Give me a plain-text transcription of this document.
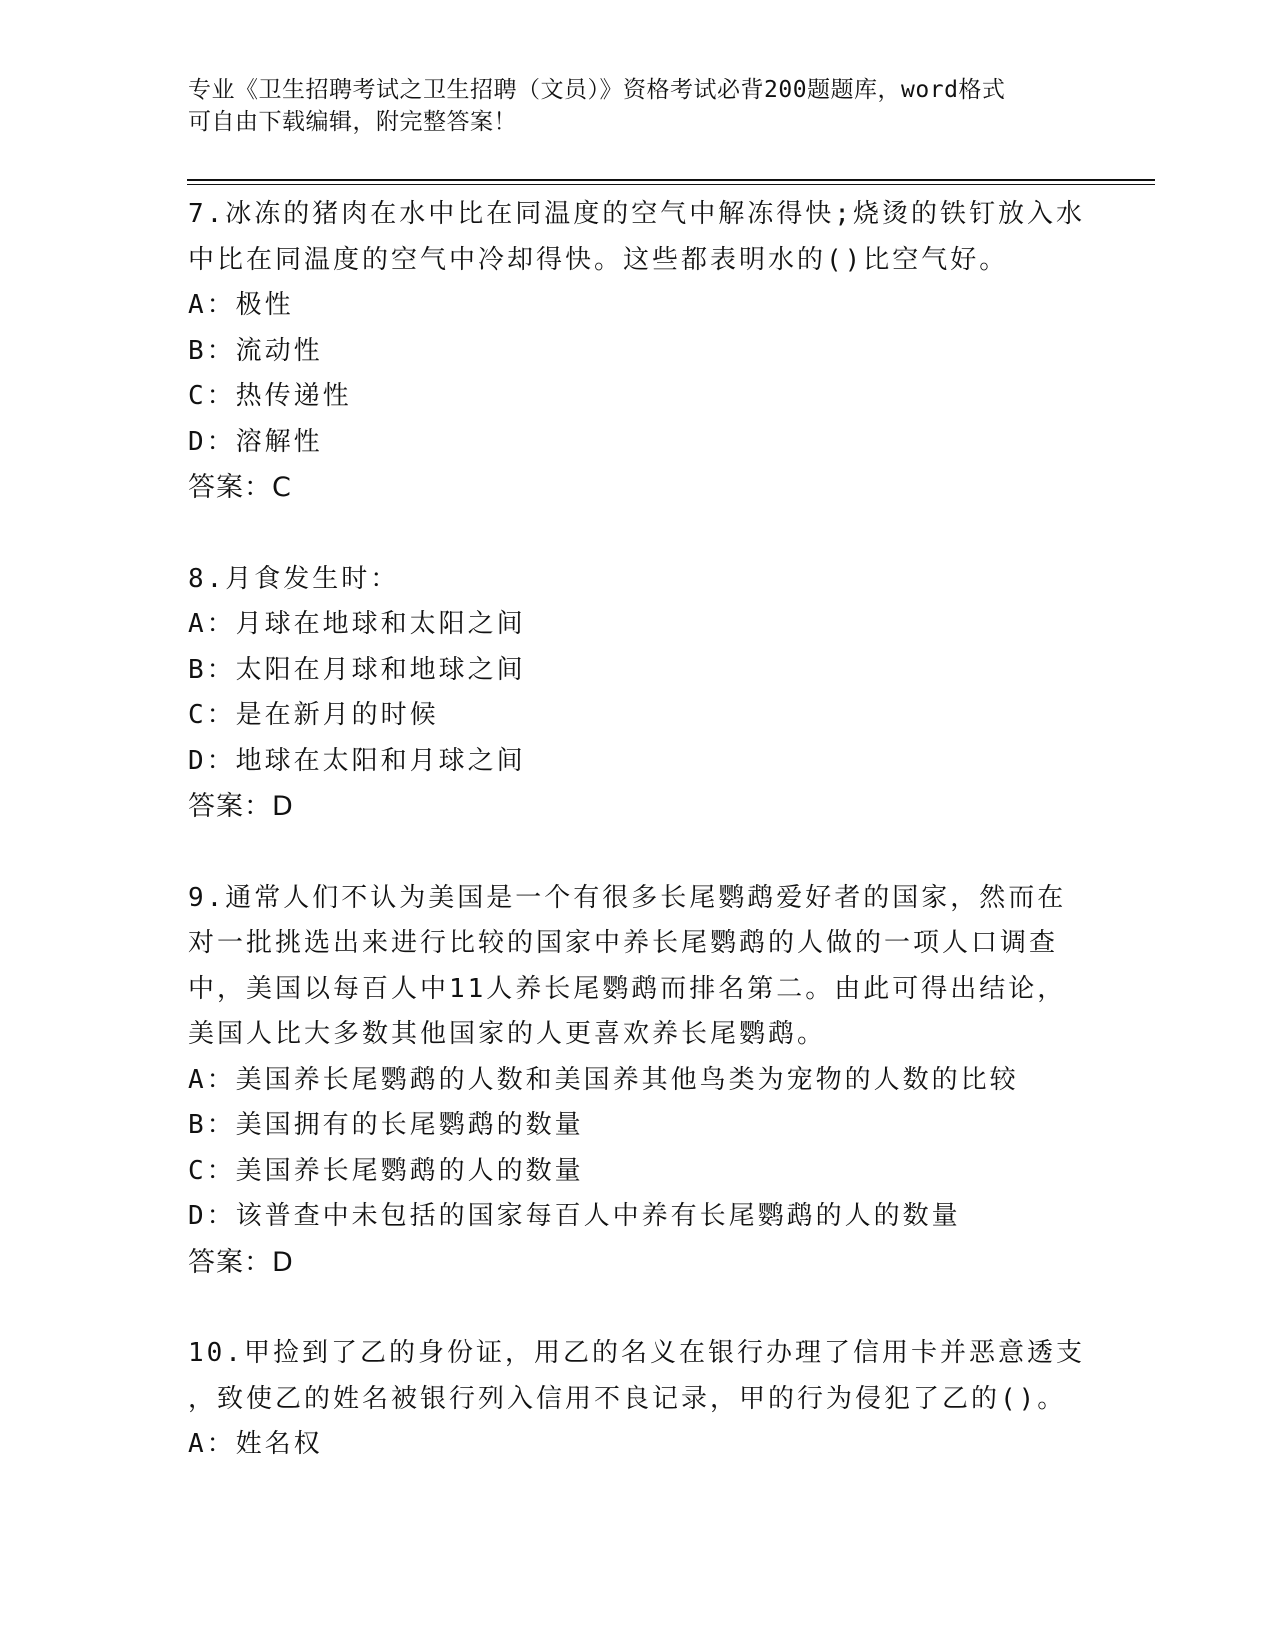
专业《卫生招聘考试之卫生招聘（文员）》资格考试必背200题题库，word格式
可自由下载编辑，附完整答案！
7.冰冻的猪肉在水中比在同温度的空气中解冻得快;烧烫的铁钉放入水
中比在同温度的空气中冷却得快。这些都表明水的()比空气好。
A：极性
B：流动性
C：热传递性
D：溶解性
答案：C
8.月食发生时：
A：月球在地球和太阳之间
B：太阳在月球和地球之间
C：是在新月的时候
D：地球在太阳和月球之间
答案：D
9.通常人们不认为美国是一个有很多长尾鹦鹉爱好者的国家，然而在
对一批挑选出来进行比较的国家中养长尾鹦鹉的人做的一项人口调查
中，美国以每百人中11人养长尾鹦鹉而排名第二。由此可得出结论，
美国人比大多数其他国家的人更喜欢养长尾鹦鹉。
A：美国养长尾鹦鹉的人数和美国养其他鸟类为宠物的人数的比较
B：美国拥有的长尾鹦鹉的数量
C：美国养长尾鹦鹉的人的数量
D：该普查中未包括的国家每百人中养有长尾鹦鹉的人的数量
答案：D
10.甲捡到了乙的身份证，用乙的名义在银行办理了信用卡并恶意透支
，致使乙的姓名被银行列入信用不良记录，甲的行为侵犯了乙的()。
A：姓名权
